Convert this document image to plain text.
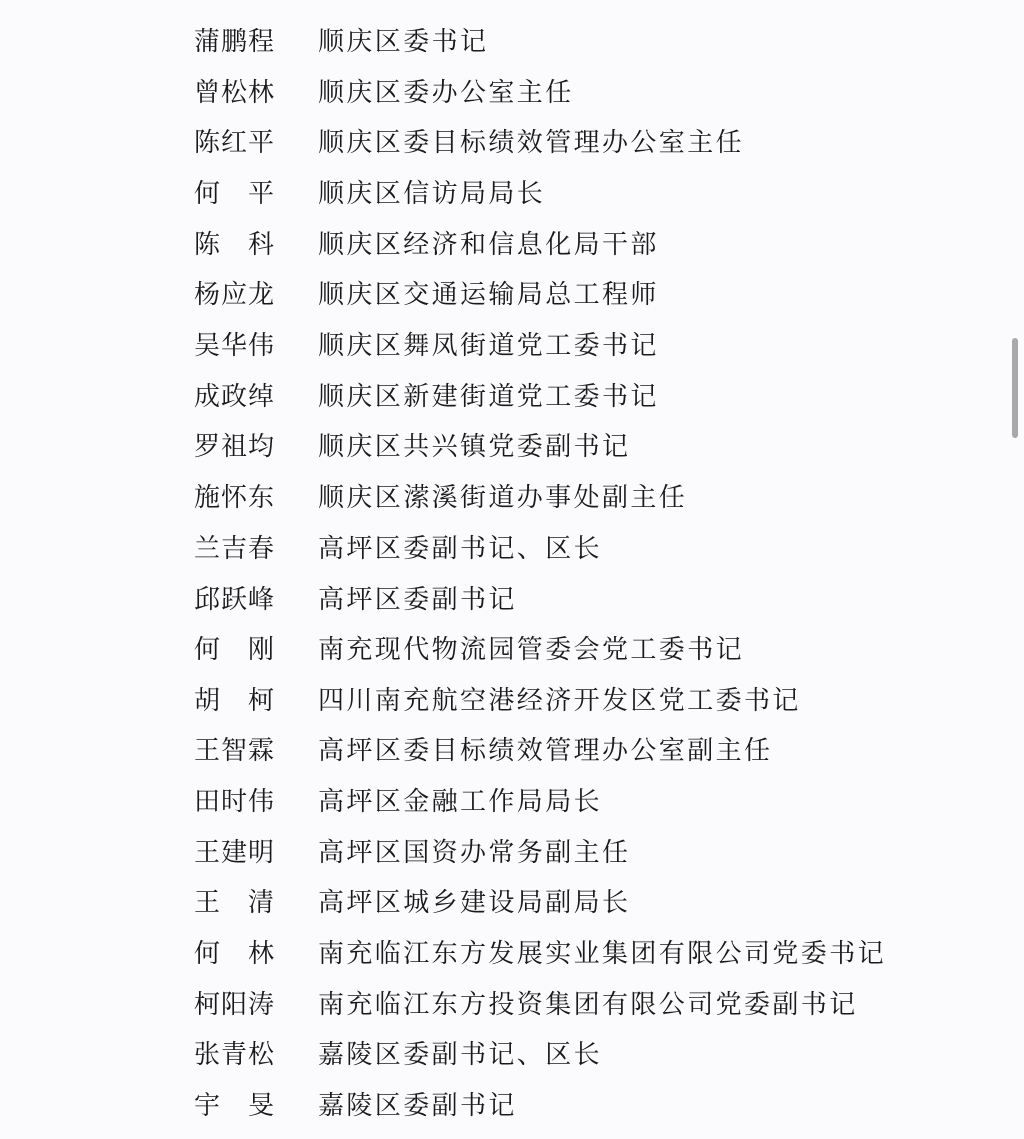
蒲鹏程 顺庆区委书记
曾松林 顺庆区委办公室主任
陈红平 顺庆区委目标绩效管理办公室主任
何　平 顺庆区信访局局长
陈　科 顺庆区经济和信息化局干部
杨应龙 顺庆区交通运输局总工程师
吴华伟 顺庆区舞凤街道党工委书记
成政绰 顺庆区新建街道党工委书记
罗祖均 顺庆区共兴镇党委副书记
施怀东 顺庆区潆溪街道办事处副主任
兰吉春 高坪区委副书记、区长
邱跃峰 高坪区委副书记
何　刚 南充现代物流园管委会党工委书记
胡　柯 四川南充航空港经济开发区党工委书记
王智霖 高坪区委目标绩效管理办公室副主任
田时伟 高坪区金融工作局局长
王建明 高坪区国资办常务副主任
王　清 高坪区城乡建设局副局长
何　林 南充临江东方发展实业集团有限公司党委书记
柯阳涛 南充临江东方投资集团有限公司党委副书记
张青松 嘉陵区委副书记、区长
宇　旻 嘉陵区委副书记
